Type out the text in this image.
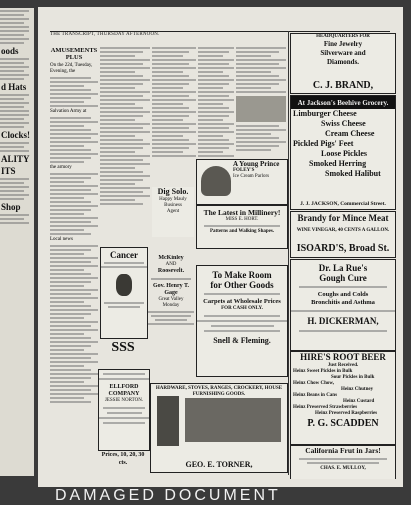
oods
d Hats
Clocks!
ALITY
ITS
Shop
THE TRANSCRIPT, THURSDAY AFTERNOON.
AMUSEMENTS PLUS
On the 22d, Tuesday, Evening, the
Salvation Army at
the armory
Local news
Dig Solo.
Happy Mauly
Business
Agent
A Young Prince
FOLEY'S
Ice Cream Parlors
The Latest in Millinery!
MISS E. HORT.
Patterns and Walking Shapes.
Cancer
SSS
McKinley
AND
Roosevelt.
Gov. Henry T. Gage
Great Valley
Monday
To Make Room
for Other Goods
Carpets at Wholesale Prices
FOR CASH ONLY.
Snell & Fleming.
ELLFORD COMPANY
JESSIE NORTON.
Prices, 10, 20, 30 cts.
HARDWARE, STOVES, RANGES, CROCKERY, HOUSE FURNISHING GOODS.
GEO. E. TORNER,
HEADQUARTERS FOR
Fine Jewelry
Silverware and
Diamonds.
C. J. BRAND,
At Jackson's Beehive Grocery.
Limburger Cheese
Swiss Cheese
Cream Cheese
Pickled Pigs' Feet
Loose Pickles
Smoked Herring
Smoked Halibut
J. J. JACKSON, Commercial Street.
Brandy for Mince Meat
WINE VINEGAR, 40 CENTS A GALLON.
ISOARD'S, Broad St.
Dr. La Rue's
Gough Cure
Coughs and Colds
Bronchitis and Asthma
H. DICKERMAN,
HIRE'S ROOT BEER
Just Received.
Heinz Sweet Pickles in Bulk
Sour Pickles in Bulk
Heinz Chow Chow,
Heinz Chutney
Heinz Beans in Cans
Heinz Custard
Heinz Preserved Strawberries
Heinz Preserved Raspberries
P. G. SCADDEN
California Frut in Jars!
CHAS. E. MULLOY,
DAMAGED DOCUMENT
